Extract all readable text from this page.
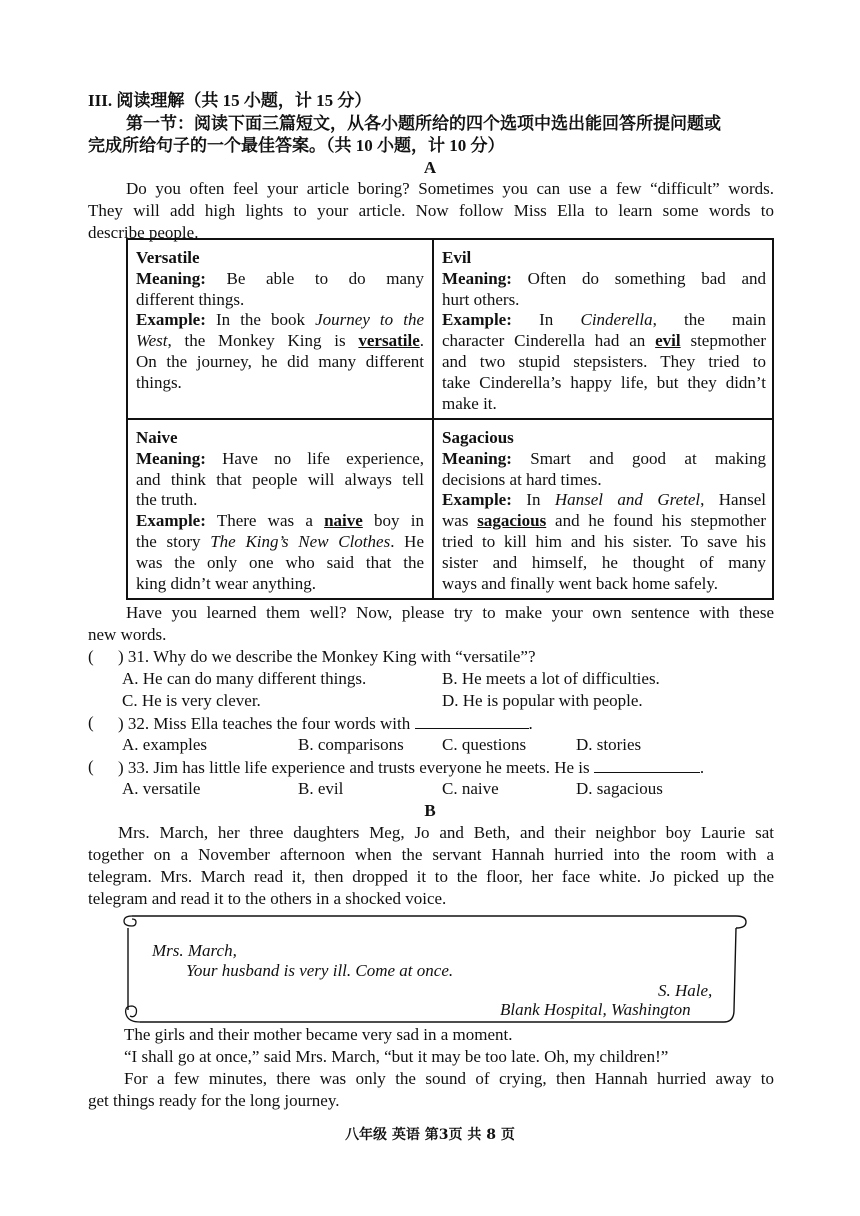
III. 阅读理解（共 15 小题，计 15 分）
第一节：阅读下面三篇短文，从各小题所给的四个选项中选出能回答所提问题或
完成所给句子的一个最佳答案。（共 10 小题，计 10 分）
A
Do you often feel your article boring? Sometimes you can use a few “difficult” words.
They will add high lights to your article. Now follow Miss Ella to learn some words to
describe people.
Versatile
Meaning: Be able to do many
different things.
Example: In the book Journey to the
West, the Monkey King is versatile.
On the journey, he did many different
things.
Evil
Meaning: Often do something bad and
hurt others.
Example: In Cinderella, the main
character Cinderella had an evil stepmother
and two stupid stepsisters. They tried to
take Cinderella’s happy life, but they didn’t
make it.
Naive
Meaning: Have no life experience,
and think that people will always tell
the truth.
Example: There was a naive boy in
the story The King’s New Clothes. He
was the only one who said that the
king didn’t wear anything.
Sagacious
Meaning: Smart and good at making
decisions at hard times.
Example: In Hansel and Gretel, Hansel
was sagacious and he found his stepmother
tried to kill him and his sister. To save his
sister and himself, he thought of many
ways and finally went back home safely.
Have you learned them well? Now, please try to make your own sentence with these
new words.
( ) 31. Why do we describe the Monkey King with “versatile”?
A. He can do many different things.	B. He meets a lot of difficulties.
C. He is very clever.	D. He is popular with people.
( ) 32. Miss Ella teaches the four words with	.
A. examples	B. comparisons C. questions	D. stories
( ) 33. Jim has little life experience and trusts everyone he meets. He is	.
A. versatile	B. evil	C. naive	D. sagacious
B
Mrs. March, her three daughters Meg, Jo and Beth, and their neighbor boy Laurie sat
together on a November afternoon when the servant Hannah hurried into the room with a
telegram. Mrs. March read it, then dropped it to the floor, her face white. Jo picked up the
telegram and read it to the others in a shocked voice.
Mrs. March,
Your husband is very ill. Come at once.
S. Hale,
Blank Hospital, Washington
The girls and their mother became very sad in a moment.
“I shall go at once,” said Mrs. March, “but it may be too late. Oh, my children!”
For a few minutes, there was only the sound of crying, then Hannah hurried away to
get things ready for the long journey.
八年级 英语 第3页 共 8 页
